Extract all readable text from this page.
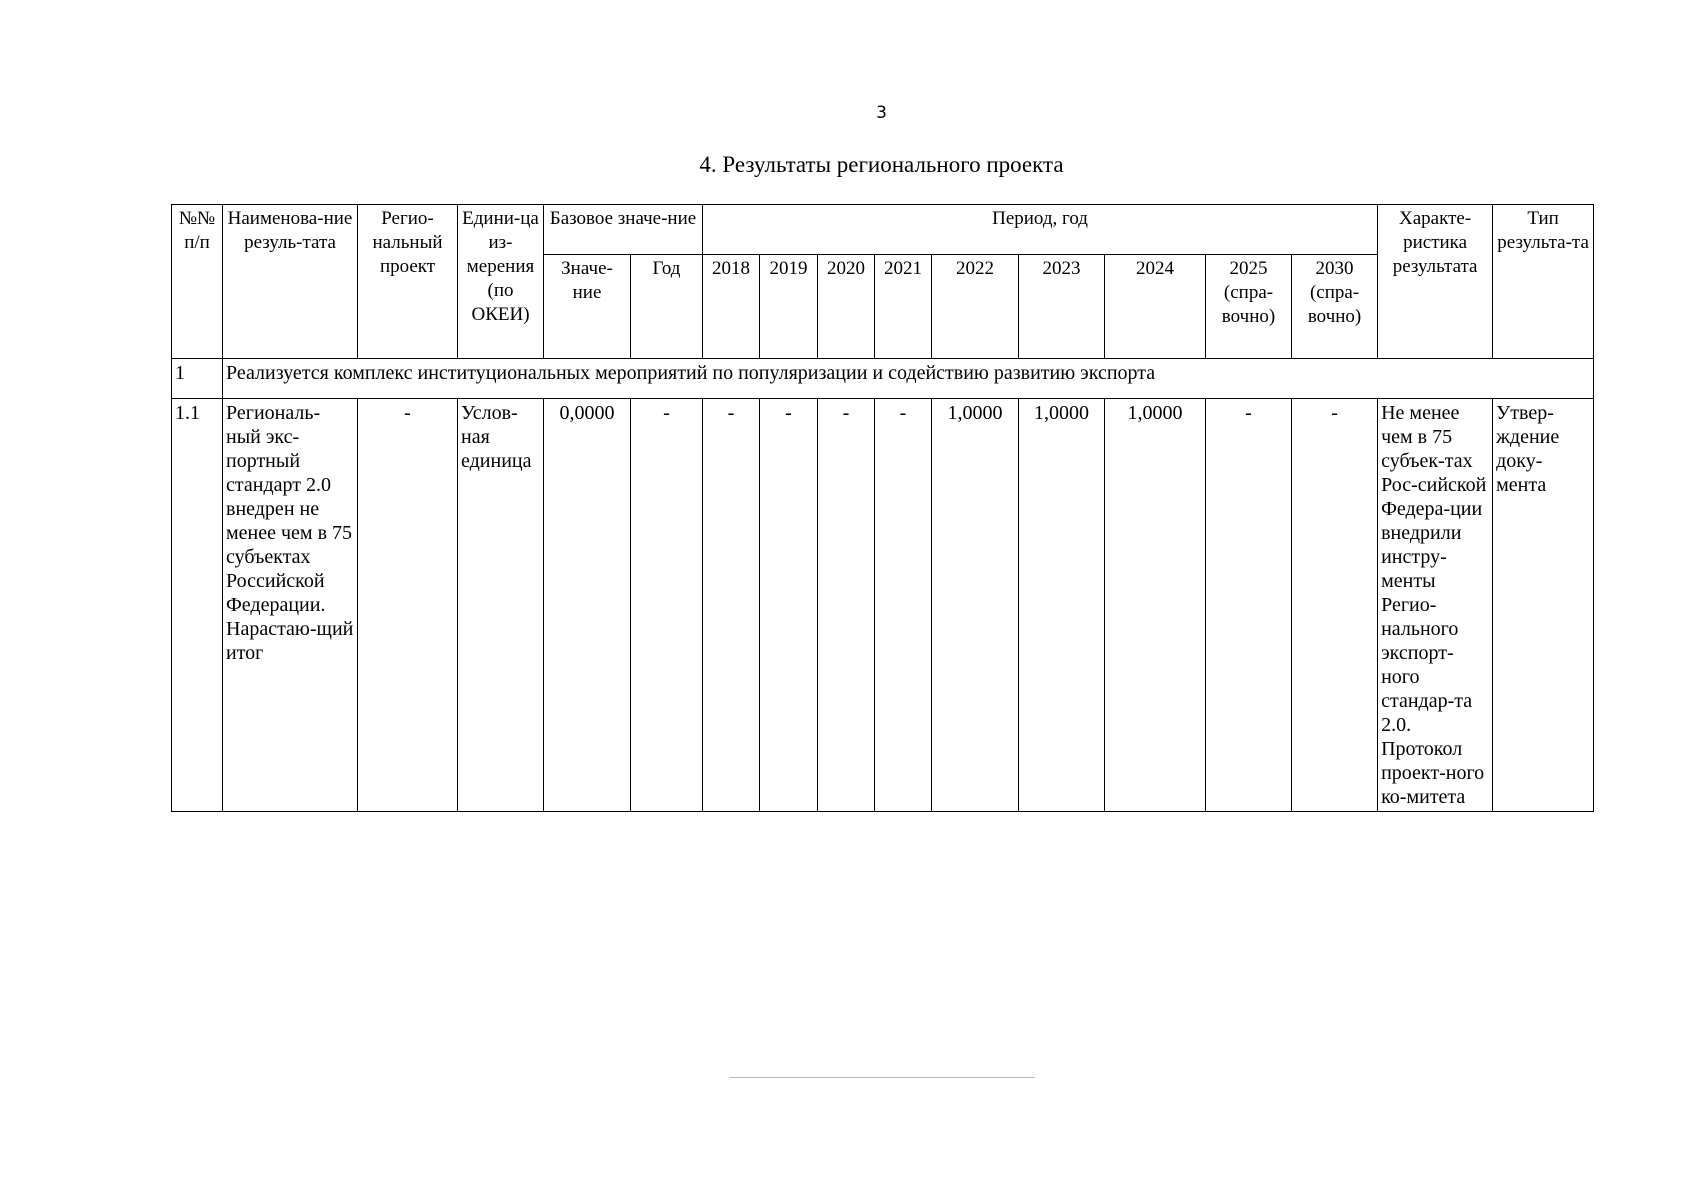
3
4. Результаты регионального проекта
№№ п/п	Наименова-ние резуль-тата	Регио-нальный проект	Едини-ца из-мерения (по ОКЕИ)	Базовое значе-ние		Период, год									Характе-ристика результата	Тип результа-та
				Значе-ние	Год	2018	2019	2020	2021	2022	2023	2024	2025 (спра-вочно)	2030 (спра-вочно)		
1	Реализуется комплекс институциональных мероприятий по популяризации и содействию развитию экспорта															
1.1	Региональ-ный экс-портный стандарт 2.0 внедрен не менее чем в 75 субъектах Российской Федерации. Нарастаю-щий итог	-	Услов-ная единица	0,0000	-	-	-	-	-	1,0000	1,0000	1,0000	-	-	Не менее чем в 75 субъек-тах Рос-сийской Федера-ции внедрили инстру-менты Регио-нального экспорт-ного стандар-та 2.0. Протокол проект-ного ко-митета	Утвер-ждение доку-мента
